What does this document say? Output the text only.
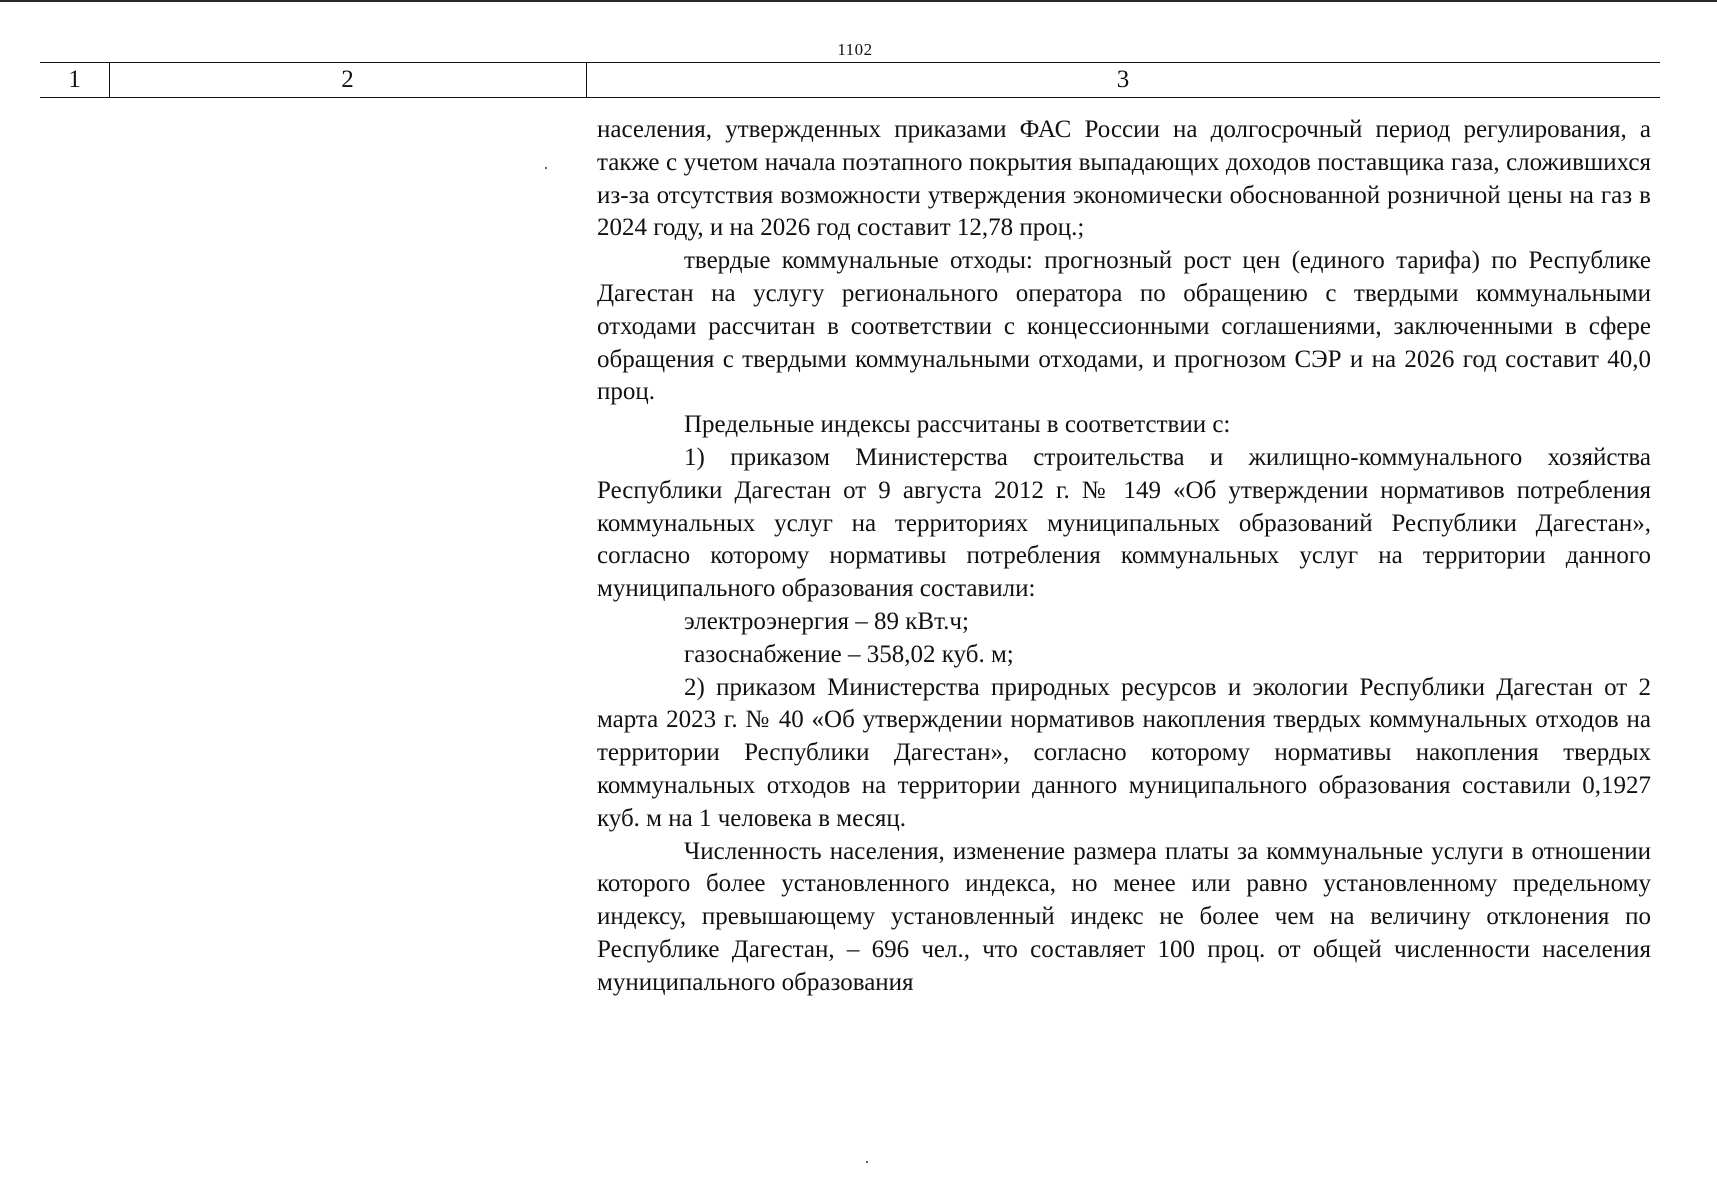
1102
1	2	3

населения, утвержденных приказами ФАС России на долгосрочный период регулирования, а также с учетом начала поэтапного покрытия выпадающих доходов поставщика газа, сложившихся из-за отсутствия возможности утверждения экономически обоснованной розничной цены на газ в 2024 году, и на 2026 год составит 12,78 проц.;

твердые коммунальные отходы: прогнозный рост цен (единого тарифа) по Республике Дагестан на услугу регионального оператора по обращению с твердыми коммунальными отходами рассчитан в соответствии с концессионными соглашениями, заключенными в сфере обращения с твердыми коммунальными отходами, и прогнозом СЭР и на 2026 год составит 40,0 проц.

Предельные индексы рассчитаны в соответствии с:

1) приказом Министерства строительства и жилищно-коммунального хозяйства Республики Дагестан от 9 августа 2012 г. № 149 «Об утверждении нормативов потребления коммунальных услуг на территориях муниципальных образований Республики Дагестан», согласно которому нормативы потребления коммунальных услуг на территории данного муниципального образования составили:

электроэнергия – 89 кВт.ч;

газоснабжение – 358,02 куб. м;

2) приказом Министерства природных ресурсов и экологии Республики Дагестан от 2 марта 2023 г. № 40 «Об утверждении нормативов накопления твердых коммунальных отходов на территории Республики Дагестан», согласно которому нормативы накопления твердых коммунальных отходов на территории данного муниципального образования составили 0,1927 куб. м на 1 человека в месяц.

Численность населения, изменение размера платы за коммунальные услуги в отношении которого более установленного индекса, но менее или равно установленному предельному индексу, превышающему установленный индекс не более чем на величину отклонения по Республике Дагестан, – 696 чел., что составляет 100 проц. от общей численности населения муниципального образования
